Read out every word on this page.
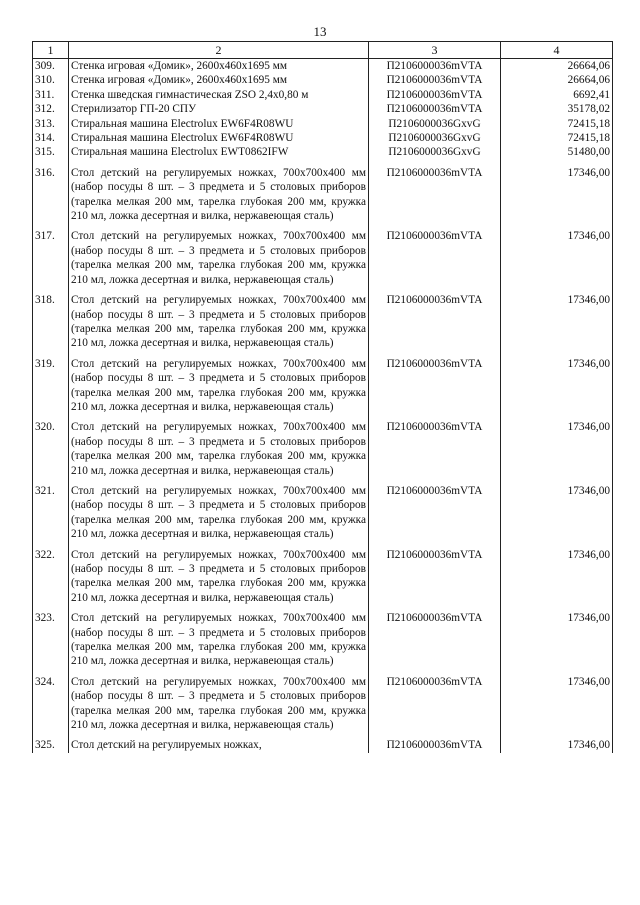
13
1	2	3	4
309.	Стенка игровая «Домик», 2600х460х1695 мм	П2106000036mVTA	26664,06
310.	Стенка игровая «Домик», 2600х460х1695 мм	П2106000036mVTA	26664,06
311.	Стенка шведская гимнастическая ZSO 2,4х0,80 м	П2106000036mVTA	6692,41
312.	Стерилизатор ГП-20 СПУ	П2106000036mVTA	35178,02
313.	Стиральная машина Electrolux EW6F4R08WU	П2106000036GxvG	72415,18
314.	Стиральная машина Electrolux EW6F4R08WU	П2106000036GxvG	72415,18
315.	Стиральная машина Electrolux EWT0862IFW	П2106000036GxvG	51480,00
316.	Стол детский на регулируемых ножках, 700х700х400 мм (набор посуды 8 шт. – 3 предмета и 5 столовых приборов (тарелка мелкая 200 мм, тарелка глубокая 200 мм, кружка 210 мл, ложка десертная и вилка, нержавеющая сталь)	П2106000036mVTA	17346,00
317.	Стол детский на регулируемых ножках, 700х700х400 мм (набор посуды 8 шт. – 3 предмета и 5 столовых приборов (тарелка мелкая 200 мм, тарелка глубокая 200 мм, кружка 210 мл, ложка десертная и вилка, нержавеющая сталь)	П2106000036mVTA	17346,00
318.	Стол детский на регулируемых ножках, 700х700х400 мм (набор посуды 8 шт. – 3 предмета и 5 столовых приборов (тарелка мелкая 200 мм, тарелка глубокая 200 мм, кружка 210 мл, ложка десертная и вилка, нержавеющая сталь)	П2106000036mVTA	17346,00
319.	Стол детский на регулируемых ножках, 700х700х400 мм (набор посуды 8 шт. – 3 предмета и 5 столовых приборов (тарелка мелкая 200 мм, тарелка глубокая 200 мм, кружка 210 мл, ложка десертная и вилка, нержавеющая сталь)	П2106000036mVTA	17346,00
320.	Стол детский на регулируемых ножках, 700х700х400 мм (набор посуды 8 шт. – 3 предмета и 5 столовых приборов (тарелка мелкая 200 мм, тарелка глубокая 200 мм, кружка 210 мл, ложка десертная и вилка, нержавеющая сталь)	П2106000036mVTA	17346,00
321.	Стол детский на регулируемых ножках, 700х700х400 мм (набор посуды 8 шт. – 3 предмета и 5 столовых приборов (тарелка мелкая 200 мм, тарелка глубокая 200 мм, кружка 210 мл, ложка десертная и вилка, нержавеющая сталь)	П2106000036mVTA	17346,00
322.	Стол детский на регулируемых ножках, 700х700х400 мм (набор посуды 8 шт. – 3 предмета и 5 столовых приборов (тарелка мелкая 200 мм, тарелка глубокая 200 мм, кружка 210 мл, ложка десертная и вилка, нержавеющая сталь)	П2106000036mVTA	17346,00
323.	Стол детский на регулируемых ножках, 700х700х400 мм (набор посуды 8 шт. – 3 предмета и 5 столовых приборов (тарелка мелкая 200 мм, тарелка глубокая 200 мм, кружка 210 мл, ложка десертная и вилка, нержавеющая сталь)	П2106000036mVTA	17346,00
324.	Стол детский на регулируемых ножках, 700х700х400 мм (набор посуды 8 шт. – 3 предмета и 5 столовых приборов (тарелка мелкая 200 мм, тарелка глубокая 200 мм, кружка 210 мл, ложка десертная и вилка, нержавеющая сталь)	П2106000036mVTA	17346,00
325.	Стол детский на регулируемых ножках,	П2106000036mVTA	17346,00
